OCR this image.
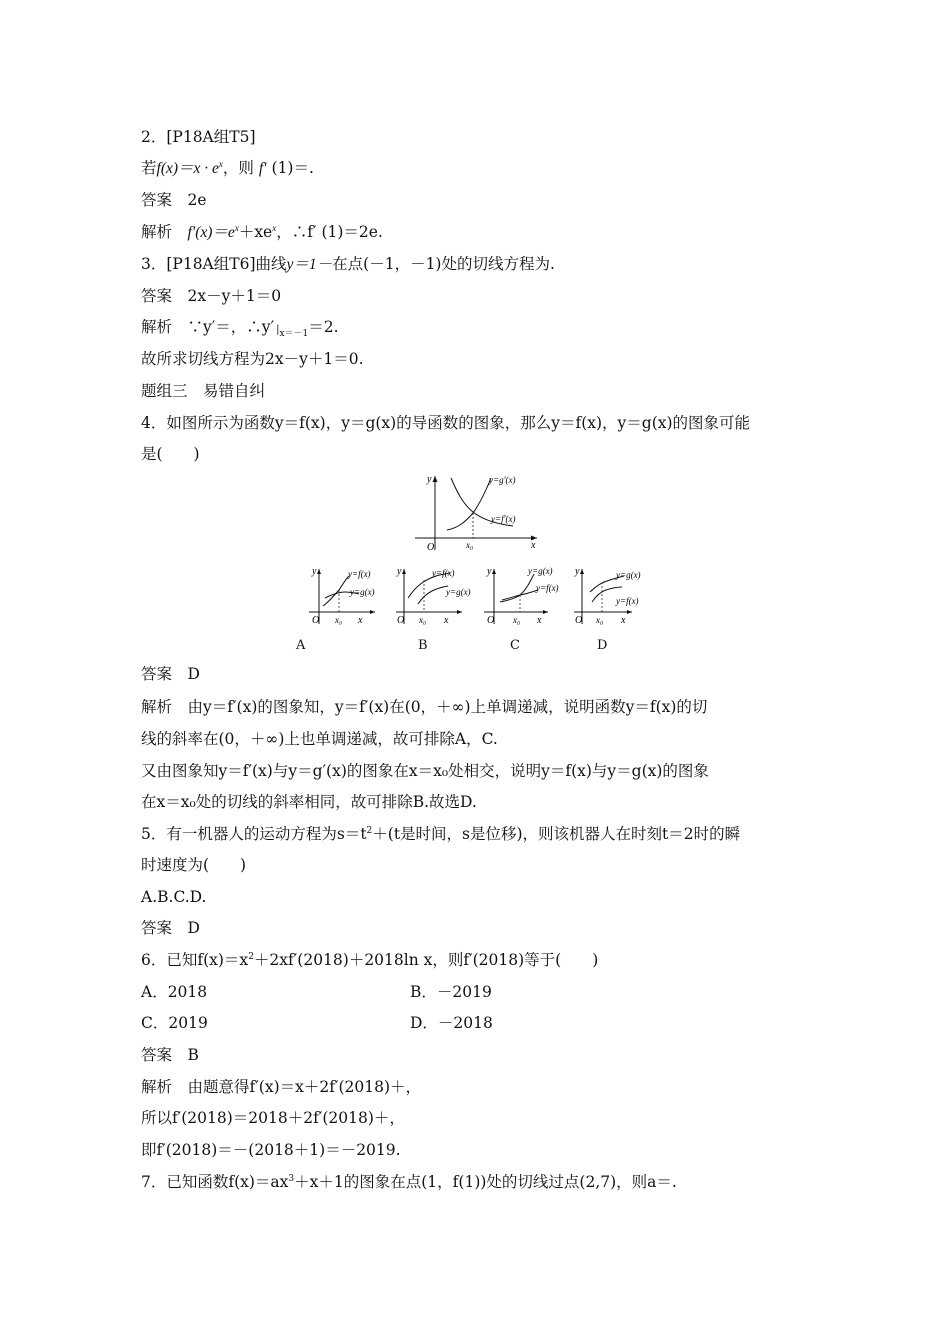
2．[P18A组T5]
若$f(x)=x \cdot e^x$，则 f′ (1)＝.
答案　 2e
解析　 $f'(x)=e^x+xe^x$，∴f′ (1)＝2e.
3．[P18A组T6]曲线y＝1－在点(－1，－1)处的切线方程为.
答案　 2x－y＋1＝0
解析　 ∵y′＝，∴y′ $|_{x=-1}=2$.
故所求切线方程为2x－y＋1＝0.
题组三　易错自纠
4．如图所示为函数y＝f(x)，y＝g(x)的导函数的图象，那么y＝f(x)，y＝g(x)的图象可能
是(　　)
y
x
O	x₀
y=g′(x)
y=f′(x)
y
O x₀ x
y=f(x)
y=g(x)
A
y
O x₀ x
y=f(x)
y=g(x)
B
y
O x₀ x
y=g(x)
y=f(x)
C
y
O x₀ x
y=g(x)
y=f(x)
D
答案　 D
解析　 由y＝f′(x)的图象知，y＝f′(x)在(0，＋∞)上单调递减，说明函数y＝f(x)的切
线的斜率在(0，＋∞)上也单调递减，故可排除A，C.
又由图象知y＝f′(x)与y＝g′(x)的图象在x＝x₀处相交，说明y＝f(x)与y＝g(x)的图象
在x＝x₀处的切线的斜率相同，故可排除B.故选D.
5．有一机器人的运动方程为$s=t^2+(t$是时间，s是位移)，则该机器人在时刻t＝2时的瞬
时速度为(　　)
A.B.C.D.
答案　 D
6．已知$f(x)=x^2+2xf'(2018)+2018\ln$ x，则f′(2018)等于(　　)
A．2018	B．－2019
C．2019	D．－2018
答案　 B
解析　 由题意得f′(x)＝x＋2f′(2018)＋，
所以f′(2018)＝2018＋2f′(2018)＋，
即f′(2018)＝－(2018＋1)＝－2019.
7．已知函数$f(x)=ax^3+x+1$的图象在点(1，f(1))处的切线过点(2,7)，则a＝.
